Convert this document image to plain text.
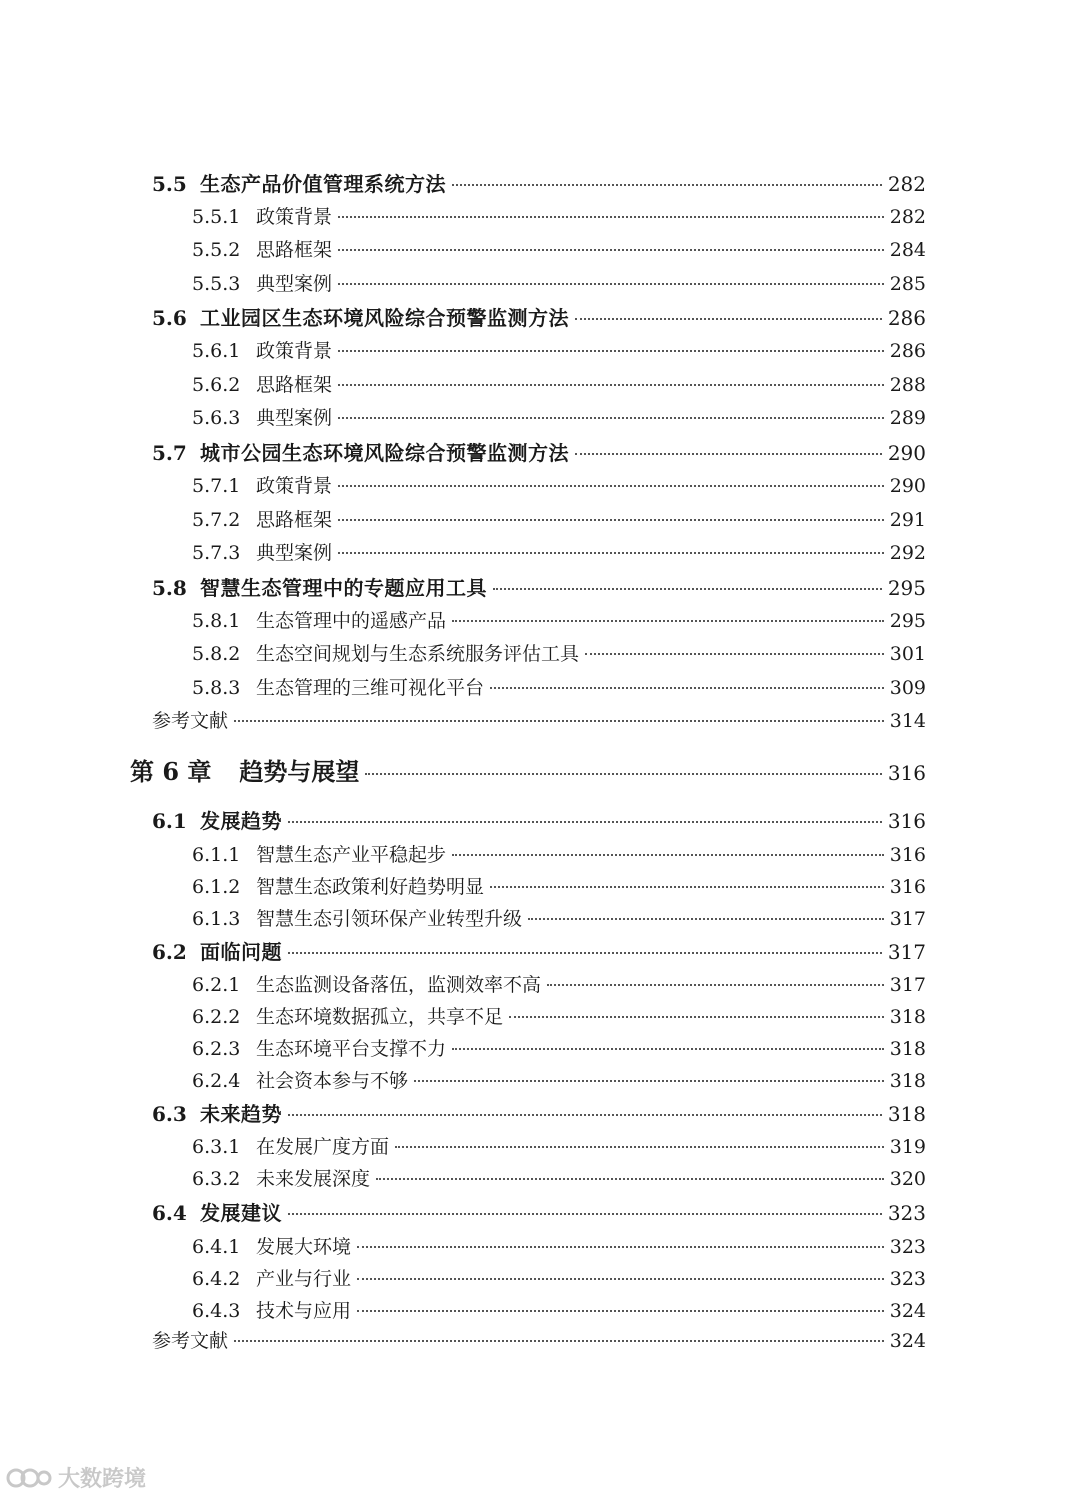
5.5 生态产品价值管理系统方法	282
5.5.1 政策背景	282
5.5.2 思路框架	284
5.5.3 典型案例	285
5.6 工业园区生态环境风险综合预警监测方法	286
5.6.1 政策背景	286
5.6.2 思路框架	288
5.6.3 典型案例	289
5.7 城市公园生态环境风险综合预警监测方法	290
5.7.1 政策背景	290
5.7.2 思路框架	291
5.7.3 典型案例	292
5.8 智慧生态管理中的专题应用工具	295
5.8.1 生态管理中的遥感产品	295
5.8.2 生态空间规划与生态系统服务评估工具	301
5.8.3 生态管理的三维可视化平台	309
参考文献	314
第 6 章 趋势与展望	316
6.1 发展趋势	316
6.1.1 智慧生态产业平稳起步	316
6.1.2 智慧生态政策利好趋势明显	316
6.1.3 智慧生态引领环保产业转型升级	317
6.2 面临问题	317
6.2.1 生态监测设备落伍，监测效率不高	317
6.2.2 生态环境数据孤立，共享不足	318
6.2.3 生态环境平台支撑不力	318
6.2.4 社会资本参与不够	318
6.3 未来趋势	318
6.3.1 在发展广度方面	319
6.3.2 未来发展深度	320
6.4 发展建议	323
6.4.1 发展大环境	323
6.4.2 产业与行业	323
6.4.3 技术与应用	324
参考文献	324
大数跨境
